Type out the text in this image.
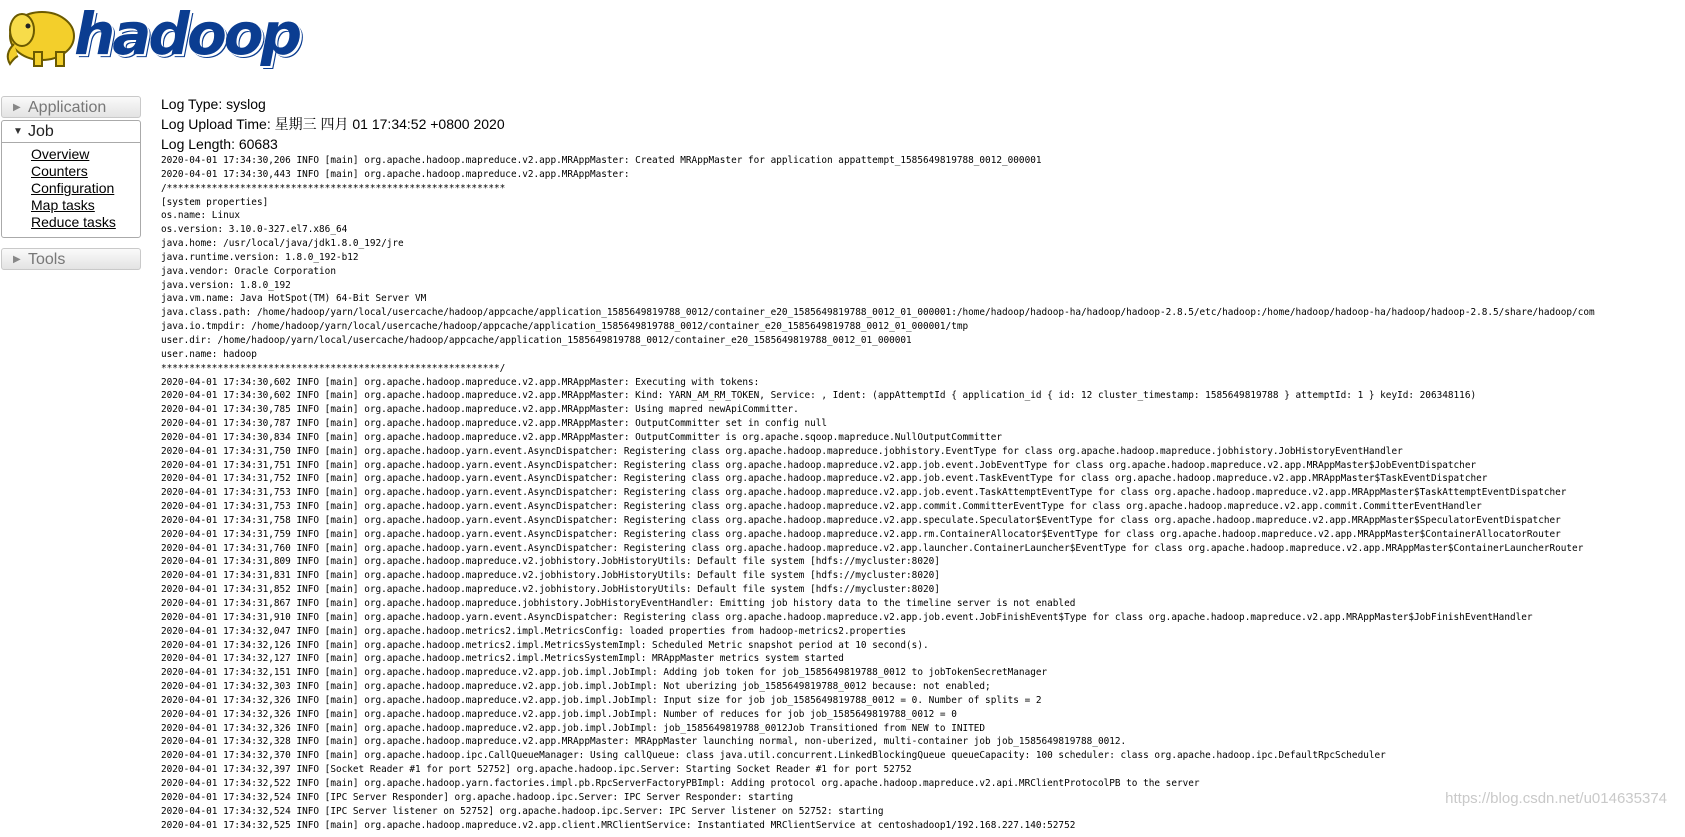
hadoop
▶ Application
▼ Job
Overview
Counters
Configuration
Map tasks
Reduce tasks
▶ Tools
Log Type: syslog
Log Upload Time: 星期三 四月 01 17:34:52 +0800 2020
Log Length: 60683
2020-04-01 17:34:30,206 INFO [main] org.apache.hadoop.mapreduce.v2.app.MRAppMaster: Created MRAppMaster for application appattempt_1585649819788_0012_000001
2020-04-01 17:34:30,443 INFO [main] org.apache.hadoop.mapreduce.v2.app.MRAppMaster:
/************************************************************
[system properties]
os.name: Linux
os.version: 3.10.0-327.el7.x86_64
java.home: /usr/local/java/jdk1.8.0_192/jre
java.runtime.version: 1.8.0_192-b12
java.vendor: Oracle Corporation
java.version: 1.8.0_192
java.vm.name: Java HotSpot(TM) 64-Bit Server VM
java.class.path: /home/hadoop/yarn/local/usercache/hadoop/appcache/application_1585649819788_0012/container_e20_1585649819788_0012_01_000001:/home/hadoop/hadoop-ha/hadoop/hadoop-2.8.5/etc/hadoop:/home/hadoop/hadoop-ha/hadoop/hadoop-2.8.5/share/hadoop/com
java.io.tmpdir: /home/hadoop/yarn/local/usercache/hadoop/appcache/application_1585649819788_0012/container_e20_1585649819788_0012_01_000001/tmp
user.dir: /home/hadoop/yarn/local/usercache/hadoop/appcache/application_1585649819788_0012/container_e20_1585649819788_0012_01_000001
user.name: hadoop
************************************************************/
2020-04-01 17:34:30,602 INFO [main] org.apache.hadoop.mapreduce.v2.app.MRAppMaster: Executing with tokens:
2020-04-01 17:34:30,602 INFO [main] org.apache.hadoop.mapreduce.v2.app.MRAppMaster: Kind: YARN_AM_RM_TOKEN, Service: , Ident: (appAttemptId { application_id { id: 12 cluster_timestamp: 1585649819788 } attemptId: 1 } keyId: 206348116)
2020-04-01 17:34:30,785 INFO [main] org.apache.hadoop.mapreduce.v2.app.MRAppMaster: Using mapred newApiCommitter.
2020-04-01 17:34:30,787 INFO [main] org.apache.hadoop.mapreduce.v2.app.MRAppMaster: OutputCommitter set in config null
2020-04-01 17:34:30,834 INFO [main] org.apache.hadoop.mapreduce.v2.app.MRAppMaster: OutputCommitter is org.apache.sqoop.mapreduce.NullOutputCommitter
2020-04-01 17:34:31,750 INFO [main] org.apache.hadoop.yarn.event.AsyncDispatcher: Registering class org.apache.hadoop.mapreduce.jobhistory.EventType for class org.apache.hadoop.mapreduce.jobhistory.JobHistoryEventHandler
2020-04-01 17:34:31,751 INFO [main] org.apache.hadoop.yarn.event.AsyncDispatcher: Registering class org.apache.hadoop.mapreduce.v2.app.job.event.JobEventType for class org.apache.hadoop.mapreduce.v2.app.MRAppMaster$JobEventDispatcher
2020-04-01 17:34:31,752 INFO [main] org.apache.hadoop.yarn.event.AsyncDispatcher: Registering class org.apache.hadoop.mapreduce.v2.app.job.event.TaskEventType for class org.apache.hadoop.mapreduce.v2.app.MRAppMaster$TaskEventDispatcher
2020-04-01 17:34:31,753 INFO [main] org.apache.hadoop.yarn.event.AsyncDispatcher: Registering class org.apache.hadoop.mapreduce.v2.app.job.event.TaskAttemptEventType for class org.apache.hadoop.mapreduce.v2.app.MRAppMaster$TaskAttemptEventDispatcher
2020-04-01 17:34:31,753 INFO [main] org.apache.hadoop.yarn.event.AsyncDispatcher: Registering class org.apache.hadoop.mapreduce.v2.app.commit.CommitterEventType for class org.apache.hadoop.mapreduce.v2.app.commit.CommitterEventHandler
2020-04-01 17:34:31,758 INFO [main] org.apache.hadoop.yarn.event.AsyncDispatcher: Registering class org.apache.hadoop.mapreduce.v2.app.speculate.Speculator$EventType for class org.apache.hadoop.mapreduce.v2.app.MRAppMaster$SpeculatorEventDispatcher
2020-04-01 17:34:31,759 INFO [main] org.apache.hadoop.yarn.event.AsyncDispatcher: Registering class org.apache.hadoop.mapreduce.v2.app.rm.ContainerAllocator$EventType for class org.apache.hadoop.mapreduce.v2.app.MRAppMaster$ContainerAllocatorRouter
2020-04-01 17:34:31,760 INFO [main] org.apache.hadoop.yarn.event.AsyncDispatcher: Registering class org.apache.hadoop.mapreduce.v2.app.launcher.ContainerLauncher$EventType for class org.apache.hadoop.mapreduce.v2.app.MRAppMaster$ContainerLauncherRouter
2020-04-01 17:34:31,809 INFO [main] org.apache.hadoop.mapreduce.v2.jobhistory.JobHistoryUtils: Default file system [hdfs://mycluster:8020]
2020-04-01 17:34:31,831 INFO [main] org.apache.hadoop.mapreduce.v2.jobhistory.JobHistoryUtils: Default file system [hdfs://mycluster:8020]
2020-04-01 17:34:31,852 INFO [main] org.apache.hadoop.mapreduce.v2.jobhistory.JobHistoryUtils: Default file system [hdfs://mycluster:8020]
2020-04-01 17:34:31,867 INFO [main] org.apache.hadoop.mapreduce.jobhistory.JobHistoryEventHandler: Emitting job history data to the timeline server is not enabled
2020-04-01 17:34:31,910 INFO [main] org.apache.hadoop.yarn.event.AsyncDispatcher: Registering class org.apache.hadoop.mapreduce.v2.app.job.event.JobFinishEvent$Type for class org.apache.hadoop.mapreduce.v2.app.MRAppMaster$JobFinishEventHandler
2020-04-01 17:34:32,047 INFO [main] org.apache.hadoop.metrics2.impl.MetricsConfig: loaded properties from hadoop-metrics2.properties
2020-04-01 17:34:32,126 INFO [main] org.apache.hadoop.metrics2.impl.MetricsSystemImpl: Scheduled Metric snapshot period at 10 second(s).
2020-04-01 17:34:32,127 INFO [main] org.apache.hadoop.metrics2.impl.MetricsSystemImpl: MRAppMaster metrics system started
2020-04-01 17:34:32,151 INFO [main] org.apache.hadoop.mapreduce.v2.app.job.impl.JobImpl: Adding job token for job_1585649819788_0012 to jobTokenSecretManager
2020-04-01 17:34:32,303 INFO [main] org.apache.hadoop.mapreduce.v2.app.job.impl.JobImpl: Not uberizing job_1585649819788_0012 because: not enabled;
2020-04-01 17:34:32,326 INFO [main] org.apache.hadoop.mapreduce.v2.app.job.impl.JobImpl: Input size for job job_1585649819788_0012 = 0. Number of splits = 2
2020-04-01 17:34:32,326 INFO [main] org.apache.hadoop.mapreduce.v2.app.job.impl.JobImpl: Number of reduces for job job_1585649819788_0012 = 0
2020-04-01 17:34:32,326 INFO [main] org.apache.hadoop.mapreduce.v2.app.job.impl.JobImpl: job_1585649819788_0012Job Transitioned from NEW to INITED
2020-04-01 17:34:32,328 INFO [main] org.apache.hadoop.mapreduce.v2.app.MRAppMaster: MRAppMaster launching normal, non-uberized, multi-container job job_1585649819788_0012.
2020-04-01 17:34:32,370 INFO [main] org.apache.hadoop.ipc.CallQueueManager: Using callQueue: class java.util.concurrent.LinkedBlockingQueue queueCapacity: 100 scheduler: class org.apache.hadoop.ipc.DefaultRpcScheduler
2020-04-01 17:34:32,397 INFO [Socket Reader #1 for port 52752] org.apache.hadoop.ipc.Server: Starting Socket Reader #1 for port 52752
2020-04-01 17:34:32,522 INFO [main] org.apache.hadoop.yarn.factories.impl.pb.RpcServerFactoryPBImpl: Adding protocol org.apache.hadoop.mapreduce.v2.api.MRClientProtocolPB to the server
2020-04-01 17:34:32,524 INFO [IPC Server Responder] org.apache.hadoop.ipc.Server: IPC Server Responder: starting
2020-04-01 17:34:32,524 INFO [IPC Server listener on 52752] org.apache.hadoop.ipc.Server: IPC Server listener on 52752: starting
2020-04-01 17:34:32,525 INFO [main] org.apache.hadoop.mapreduce.v2.app.client.MRClientService: Instantiated MRClientService at centoshadoop1/192.168.227.140:52752
https://blog.csdn.net/u014635374
